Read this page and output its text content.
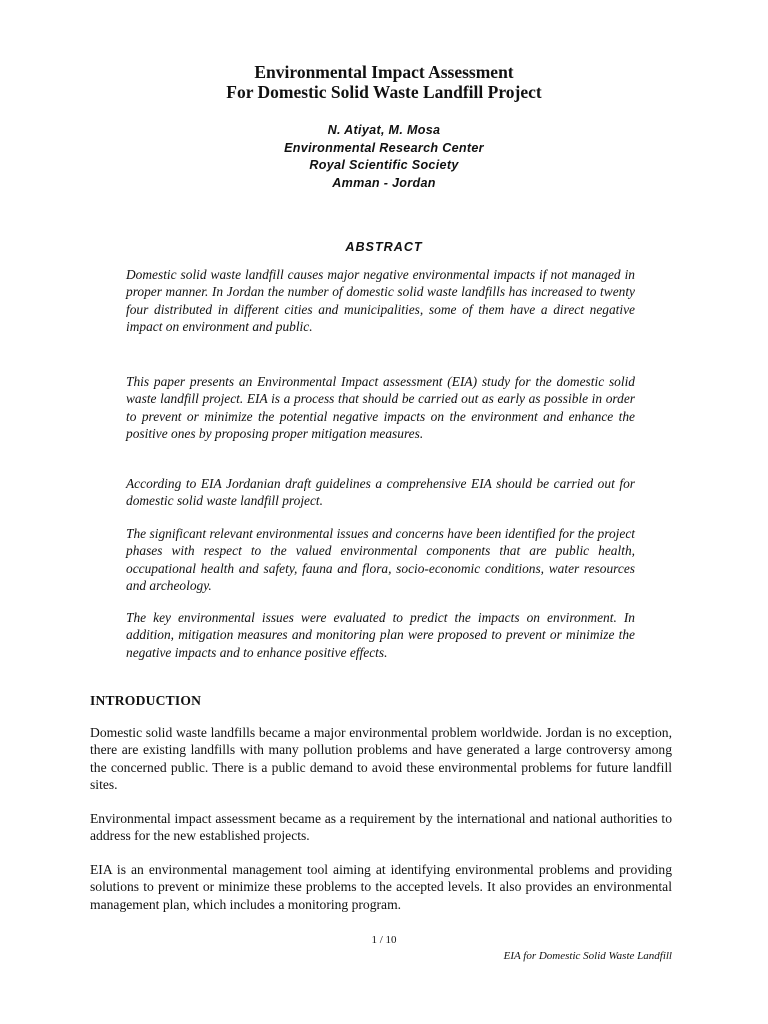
Environmental Impact Assessment

For Domestic Solid Waste Landfill Project

N. Atiyat, M. Mosa

Environmental Research Center

Royal Scientific Society

Amman - Jordan

ABSTRACT

Domestic solid waste landfill causes major negative environmental impacts if not managed in proper manner. In Jordan the number of domestic solid waste landfills has increased to twenty four distributed in different cities and municipalities, some of them have a direct negative impact on environment and public.

This paper presents an Environmental Impact assessment (EIA) study for the domestic solid waste landfill project. EIA is a process that should be carried out as early as possible in order to prevent or minimize the potential negative impacts on the environment and enhance the positive ones by proposing proper mitigation measures.

According to EIA Jordanian draft guidelines a comprehensive EIA should be carried out for domestic solid waste landfill project.

The significant relevant environmental issues and concerns have been identified for the project phases with respect to the valued environmental components that are public health, occupational health and safety, fauna and flora, socio-economic conditions, water resources and archeology.

The key environmental issues were evaluated to predict the impacts on environment. In addition, mitigation measures and monitoring plan were proposed to prevent or minimize the negative impacts and to enhance positive effects.

INTRODUCTION

Domestic solid waste landfills became a major environmental problem worldwide. Jordan is no exception, there are existing landfills with many pollution problems and have generated a large controversy among the concerned public. There is a public demand to avoid these environmental problems for future landfill sites.

Environmental impact assessment became as a requirement by the international and national authorities to address for the new established projects.

EIA is an environmental management tool aiming at identifying environmental problems and providing solutions to prevent or minimize these problems to the accepted levels. It also provides an environmental management plan, which includes a monitoring program.

1 / 10

EIA for Domestic Solid Waste Landfill
